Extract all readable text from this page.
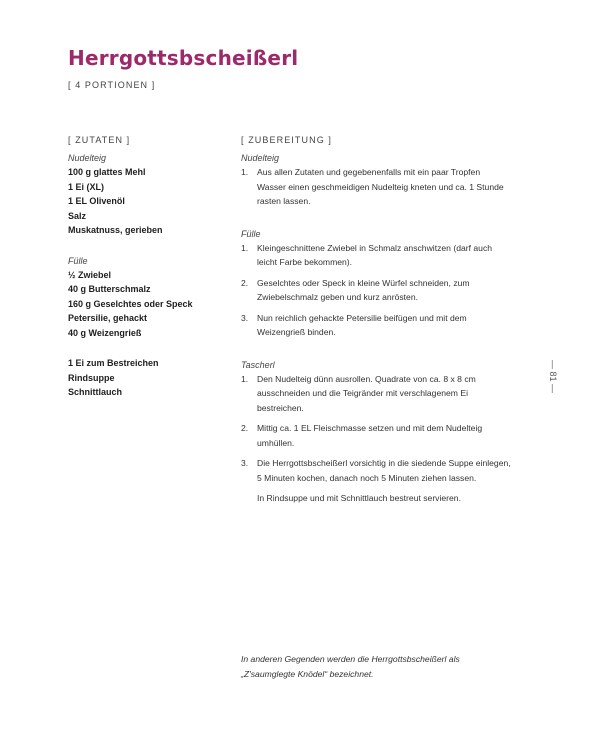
Herrgottsbscheißerl
[ 4 PORTIONEN ]
[ ZUTATEN ]
Nudelteig
100 g glattes Mehl
1 Ei (XL)
1 EL Olivenöl
Salz
Muskatnuss, gerieben
Fülle
½ Zwiebel
40 g Butterschmalz
160 g Geselchtes oder Speck
Petersilie, gehackt
40 g Weizengrieß
1 Ei zum Bestreichen
Rindsuppe
Schnittlauch
[ ZUBEREITUNG ]
Nudelteig
1. Aus allen Zutaten und gegebenenfalls mit ein paar Tropfen Wasser einen geschmeidigen Nudelteig kneten und ca. 1 Stunde rasten lassen.
Fülle
1. Kleingeschnittene Zwiebel in Schmalz anschwitzen (darf auch leicht Farbe bekommen).
2. Geselchtes oder Speck in kleine Würfel schneiden, zum Zwiebelschmalz geben und kurz anrösten.
3. Nun reichlich gehackte Petersilie beifügen und mit dem Weizengrieß binden.
Tascherl
1. Den Nudelteig dünn ausrollen. Quadrate von ca. 8 x 8 cm ausschneiden und die Teigränder mit verschlagenem Ei bestreichen.
2. Mittig ca. 1 EL Fleischmasse setzen und mit dem Nudelteig umhüllen.
3. Die Herrgottsbscheißerl vorsichtig in die siedende Suppe einlegen, 5 Minuten kochen, danach noch 5 Minuten ziehen lassen.
In Rindsuppe und mit Schnittlauch bestreut servieren.
In anderen Gegenden werden die Herrgottsbscheißerl als „Z'saumglegte Knödel“ bezeichnet.
— 81 —
